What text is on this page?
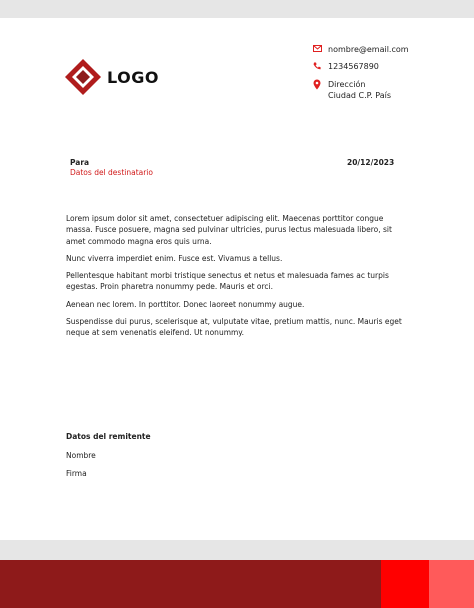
LOGO
nombre@email.com
1234567890
Dirección
Ciudad C.P. País
Para
Datos del destinatario
20/12/2023

Lorem ipsum dolor sit amet, consectetuer adipiscing elit. Maecenas porttitor congue massa. Fusce posuere, magna sed pulvinar ultricies, purus lectus malesuada libero, sit amet commodo magna eros quis urna.

Nunc viverra imperdiet enim. Fusce est. Vivamus a tellus.

Pellentesque habitant morbi tristique senectus et netus et malesuada fames ac turpis egestas. Proin pharetra nonummy pede. Mauris et orci.

Aenean nec lorem. In porttitor. Donec laoreet nonummy augue.

Suspendisse dui purus, scelerisque at, vulputate vitae, pretium mattis, nunc. Mauris eget neque at sem venenatis eleifend. Ut nonummy.

Datos del remitente
Nombre
Firma
